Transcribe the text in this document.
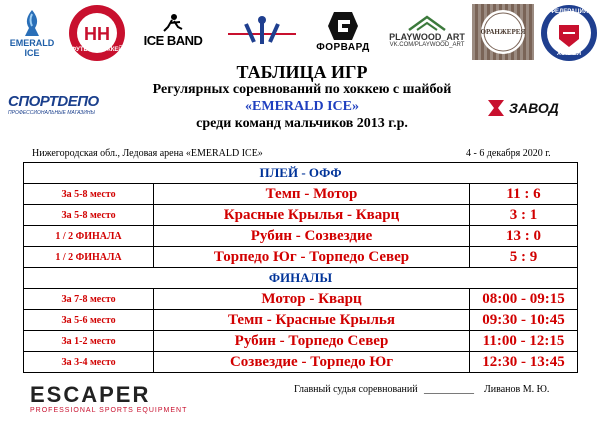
EMERALD
ICE
НН
ФУТБОЛ-ХОККЕЙ
ICE BAND	ФОРВАРД
PLAYWOOD_ART
VK.COM/PLAYWOOD_ART
ОРАНЖЕРЕЯ
ФЕДЕРАЦИЯ
ХОККЕЯ
ТАБЛИЦА ИГР
Регулярных соревнований по хоккею с шайбой
«EMERALD ICE»
среди команд мальчиков 2013 г.р.
СПОРТDEПО
ПРОФЕССИОНАЛЬНЫЕ МАГАЗИНЫ	ЗАВОД
Нижегородская обл., Ледовая арена «EMERALD ICE»	4 - 6 декабря 2020 г.
ПЛЕЙ - ОФФ		
За 5-8 место	Темп - Мотор	11 : 6
За 5-8 место	Красные Крылья - Кварц	3 : 1
1 / 2 ФИНАЛА	Рубин - Созвездие	13 : 0
1 / 2 ФИНАЛА	Торпедо Юг - Торпедо Север	5 : 9
ФИНАЛЫ		
За 7-8 место	Мотор - Кварц	08:00 - 09:15
За 5-6 место	Темп - Красные Крылья	09:30 - 10:45
За 1-2 место	Рубин - Торпедо Север	11:00 - 12:15
За 3-4 место	Созвездие - Торпедо Юг	12:30 - 13:45
ESCAPER
PROFESSIONAL SPORTS EQUIPMENT
Главный судья соревнований __________ Ливанов М. Ю.
